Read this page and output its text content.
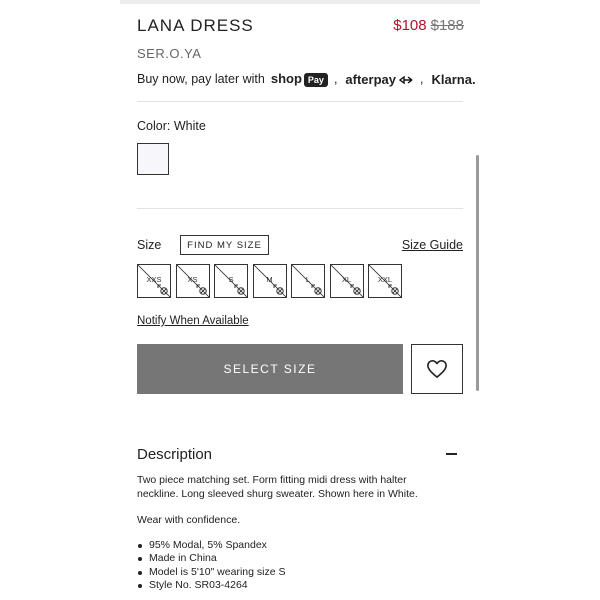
LANA DRESS	$108 $188
SER.O.YA
Buy now, pay later with shop Pay , afterpay	, Klarna.
Color: White
Size	FIND MY SIZE	Size Guide
XXS	XS	S	M	L	XL	XXL
Notify When Available
SELECT SIZE
Description

Two piece matching set. Form fitting midi dress with halter neckline. Long sleeved shurg sweater. Shown here in White.

Wear with confidence.

95% Modal, 5% Spandex
Made in China
Model is 5'10" wearing size S
Style No. SR03-4264
